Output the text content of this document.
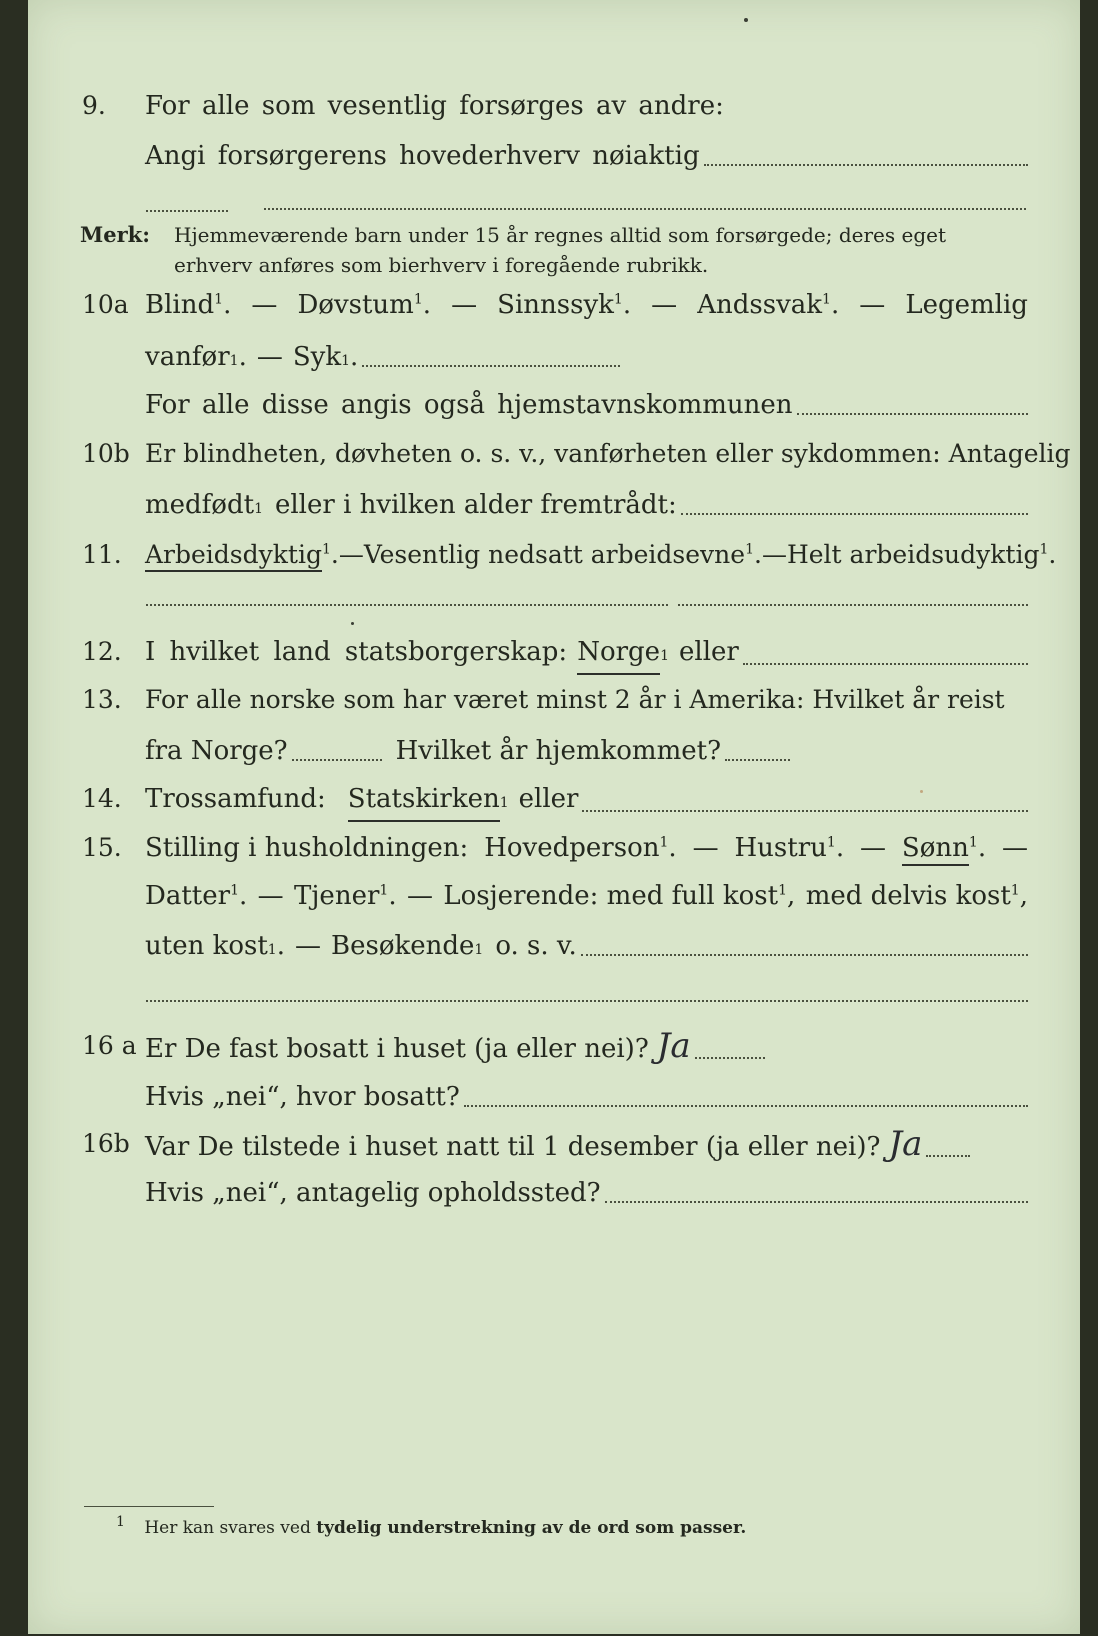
9. For alle som vesentlig forsørges av andre:
Angi forsørgerens hovederhverv nøiaktig
Merk: Hjemmeværende barn under 15 år regnes alltid som forsørgede; deres eget erhverv anføres som bierhverv i foregående rubrikk.
10a Blind$^1$. — Døvstum$^1$. — Sinnssyk$^1$. — Andssvak$^1$. — Legemlig
vanfør 1 . — Syk 1 .
For alle disse angis også hjemstavnskommunen
10b Er blindheten, døvheten o. s. v., vanførheten eller sykdommen: Antagelig
medfødt 1 eller i hvilken alder fremtrådt:
11. Arbeidsdyktig$^1$. — Vesentlig nedsatt arbeidsevne$^1$. — Helt arbeidsudyktig$^1$.
12. I hvilket land statsborgerskap: Norge 1 eller
13. For alle norske som har været minst 2 år i Amerika: Hvilket år reist
fra Norge?	Hvilket år hjemkommet?
14. Trossamfund: Statskirken 1 eller
15. Stilling i husholdningen: Hovedperson$^1$. — Hustru$^1$. — Sønn$^1$. —
Datter$^1$. — Tjener$^1$. — Losjerende: med full kost$^1$, med delvis kost$^1$,
uten kost 1 . — Besøkende 1 o. s. v.
16 a Er De fast bosatt i huset (ja eller nei)? Ja
Hvis „nei“, hvor bosatt?
16b Var De tilstede i huset natt til 1 desember (ja eller nei)? Ja
Hvis „nei“, antagelig opholdssted?
$^1$ Her kan svares ved tydelig understrekning av de ord som passer.
